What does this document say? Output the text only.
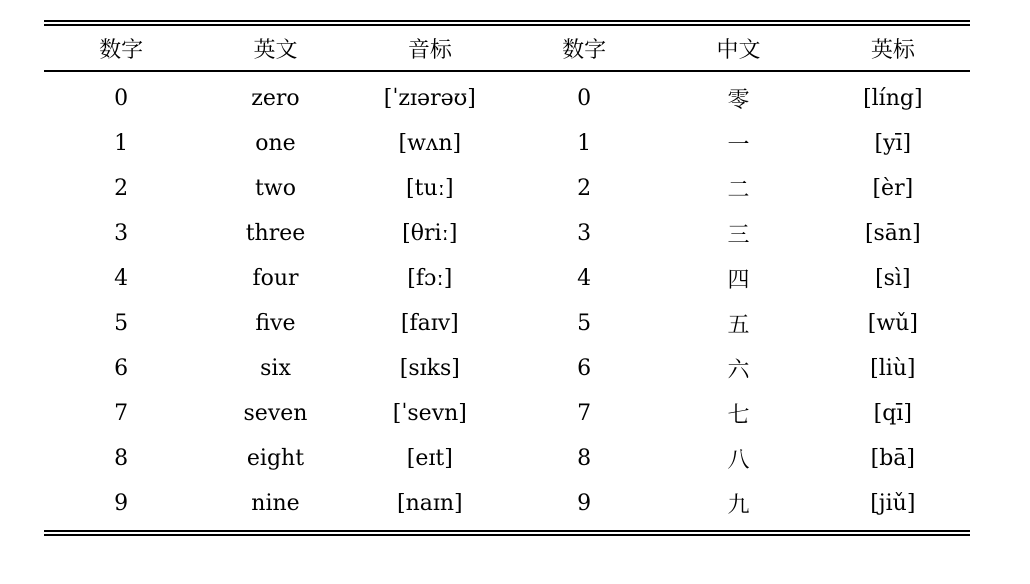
数字	英文	音标	数字	中文	英标
0	zero	[ˈzɪərəʊ]	0	零	[líng]
1	one	[wʌn]	1	一	[yī]
2	two	[tuː]	2	二	[èr]
3	three	[θriː]	3	三	[sān]
4	four	[fɔː]	4	四	[sì]
5	five	[faɪv]	5	五	[wǔ]
6	six	[sɪks]	6	六	[liù]
7	seven	[ˈsevn]	7	七	[qī]
8	eight	[eɪt]	8	八	[bā]
9	nine	[naɪn]	9	九	[jiǔ]
